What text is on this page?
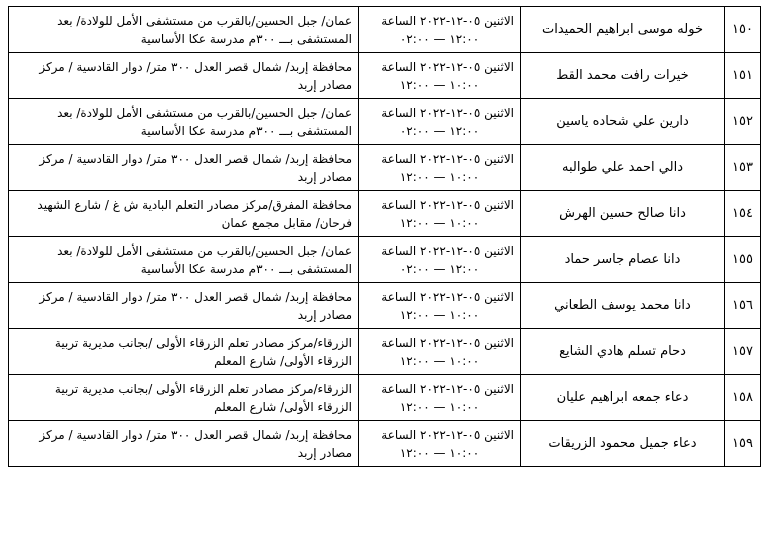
١٥٠	خوله موسى ابراهيم الحميدات	الاثنين ٠٥-١٢-٢٠٢٢ الساعة
١٢:٠٠ — ٠٢:٠٠	عمان/ جبل الحسين/بالقرب من مستشفى الأمل للولادة/ بعد
المستشفى بـــ ٣٠٠م مدرسة عكا الأساسية

١٥١	خيرات رافت محمد القط	الاثنين ٠٥-١٢-٢٠٢٢ الساعة
١٠:٠٠ — ١٢:٠٠	محافظة إربد/ شمال قصر العدل ٣٠٠ متر/ دوار القادسية / مركز
مصادر إربد

١٥٢	دارين علي شحاده ياسين	الاثنين ٠٥-١٢-٢٠٢٢ الساعة
١٢:٠٠ — ٠٢:٠٠	عمان/ جبل الحسين/بالقرب من مستشفى الأمل للولادة/ بعد
المستشفى بـــ ٣٠٠م مدرسة عكا الأساسية

١٥٣	دالي احمد علي طوالبه	الاثنين ٠٥-١٢-٢٠٢٢ الساعة
١٠:٠٠ — ١٢:٠٠	محافظة إربد/ شمال قصر العدل ٣٠٠ متر/ دوار القادسية / مركز
مصادر إربد

١٥٤	دانا صالح حسين الهرش	الاثنين ٠٥-١٢-٢٠٢٢ الساعة
١٠:٠٠ — ١٢:٠٠	محافظة المفرق/مركز مصادر التعلم البادية ش غ / شارع الشهيد
فرحان/ مقابل مجمع عمان

١٥٥	دانا عصام جاسر حماد	الاثنين ٠٥-١٢-٢٠٢٢ الساعة
١٢:٠٠ — ٠٢:٠٠	عمان/ جبل الحسين/بالقرب من مستشفى الأمل للولادة/ بعد
المستشفى بـــ ٣٠٠م مدرسة عكا الأساسية

١٥٦	دانا محمد يوسف الطعاني	الاثنين ٠٥-١٢-٢٠٢٢ الساعة
١٠:٠٠ — ١٢:٠٠	محافظة إربد/ شمال قصر العدل ٣٠٠ متر/ دوار القادسية / مركز
مصادر إربد

١٥٧	دحام تسلم هادي الشايع	الاثنين ٠٥-١٢-٢٠٢٢ الساعة
١٠:٠٠ — ١٢:٠٠	الزرقاء/مركز مصادر تعلم الزرقاء الأولى /بجانب مديرية تربية
الزرقاء الأولى/ شارع المعلم

١٥٨	دعاء جمعه ابراهيم عليان	الاثنين ٠٥-١٢-٢٠٢٢ الساعة
١٠:٠٠ — ١٢:٠٠	الزرقاء/مركز مصادر تعلم الزرقاء الأولى /بجانب مديرية تربية
الزرقاء الأولى/ شارع المعلم

١٥٩	دعاء جميل محمود الزريقات	الاثنين ٠٥-١٢-٢٠٢٢ الساعة
١٠:٠٠ — ١٢:٠٠	محافظة إربد/ شمال قصر العدل ٣٠٠ متر/ دوار القادسية / مركز
مصادر إربد
